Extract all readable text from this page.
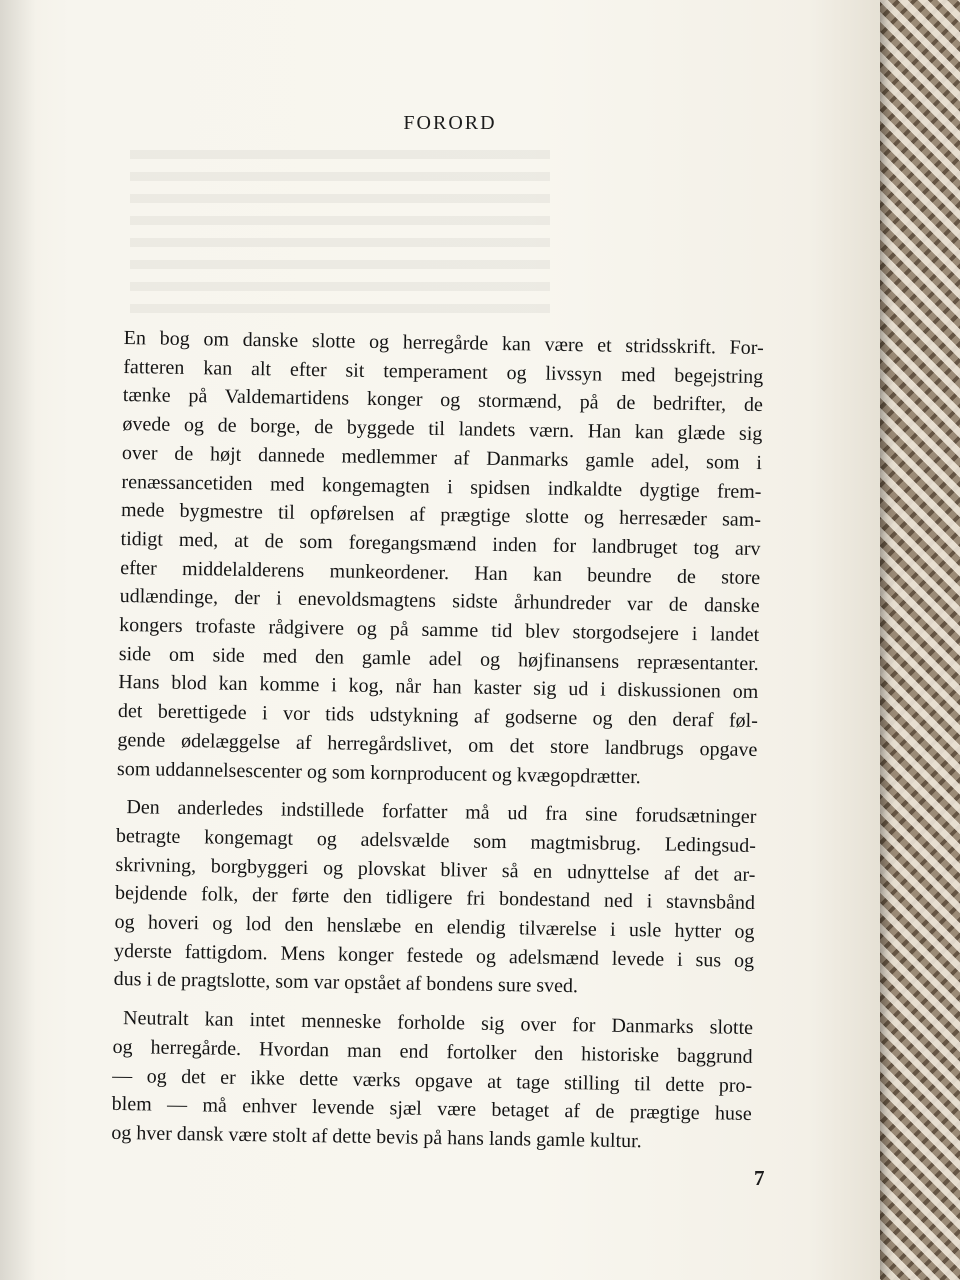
FORORD

En bog om danske slotte og herregårde kan være et stridsskrift. For-
fatteren kan alt efter sit temperament og livssyn med begejstring
tænke på Valdemartidens konger og stormænd, på de bedrifter, de
øvede og de borge, de byggede til landets værn. Han kan glæde sig
over de højt dannede medlemmer af Danmarks gamle adel, som i
renæssancetiden med kongemagten i spidsen indkaldte dygtige frem-
mede bygmestre til opførelsen af prægtige slotte og herresæder sam-
tidigt med, at de som foregangsmænd inden for landbruget tog arv
efter middelalderens munkeordener. Han kan beundre de store
udlændinge, der i enevoldsmagtens sidste århundreder var de danske
kongers trofaste rådgivere og på samme tid blev storgodsejere i landet
side om side med den gamle adel og højfinansens repræsentanter.
Hans blod kan komme i kog, når han kaster sig ud i diskussionen om
det berettigede i vor tids udstykning af godserne og den deraf føl-
gende ødelæggelse af herregårdslivet, om det store landbrugs opgave
som uddannelsescenter og som kornproducent og kvægopdrætter.

Den anderledes indstillede forfatter må ud fra sine forudsætninger
betragte kongemagt og adelsvælde som magtmisbrug. Ledingsud-
skrivning, borgbyggeri og plovskat bliver så en udnyttelse af det ar-
bejdende folk, der førte den tidligere fri bondestand ned i stavnsbånd
og hoveri og lod den henslæbe en elendig tilværelse i usle hytter og
yderste fattigdom. Mens konger festede og adelsmænd levede i sus og
dus i de pragtslotte, som var opstået af bondens sure sved.

Neutralt kan intet menneske forholde sig over for Danmarks slotte
og herregårde. Hvordan man end fortolker den historiske baggrund
— og det er ikke dette værks opgave at tage stilling til dette pro-
blem — må enhver levende sjæl være betaget af de prægtige huse
og hver dansk være stolt af dette bevis på hans lands gamle kultur.

7
